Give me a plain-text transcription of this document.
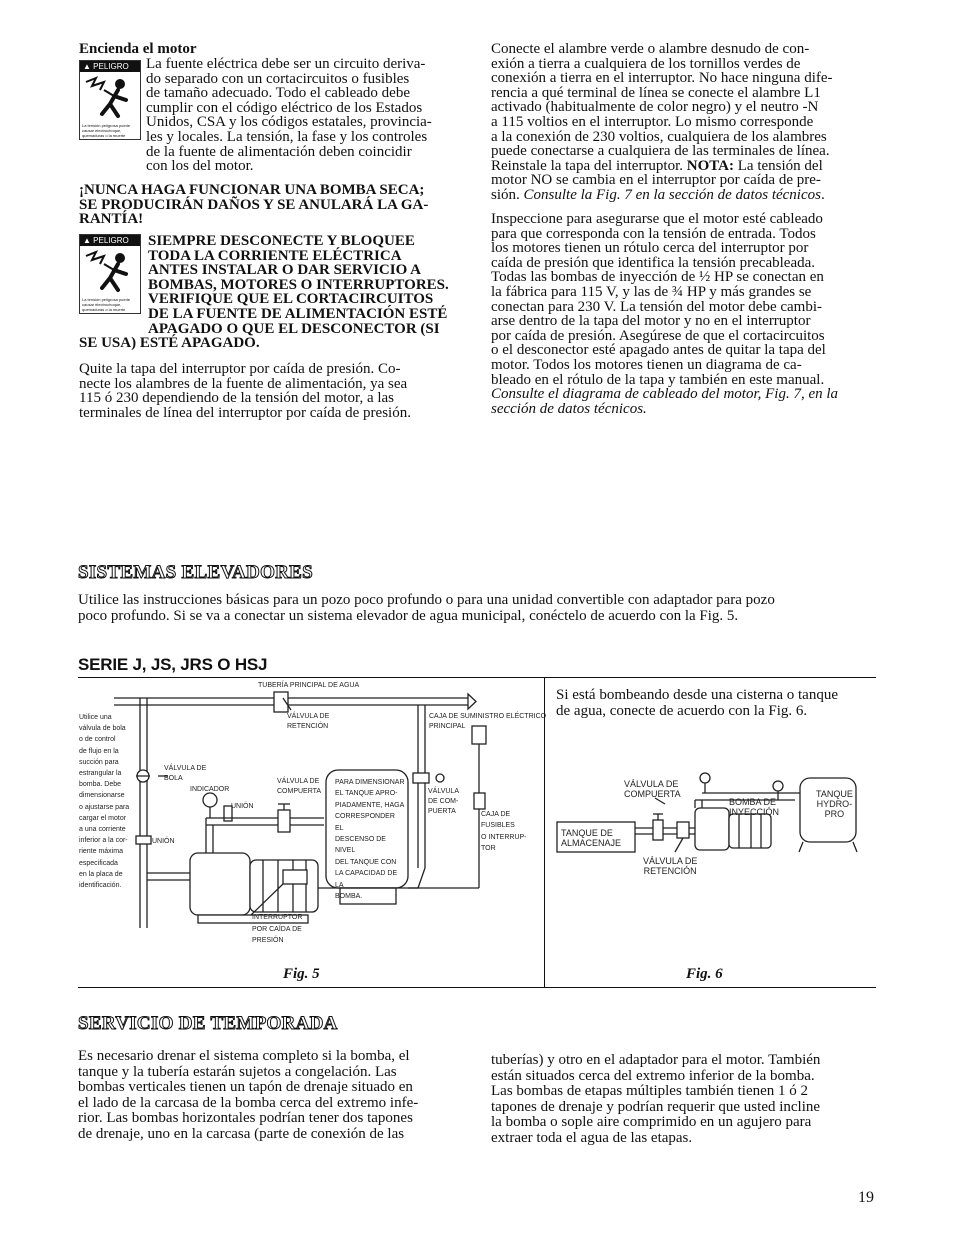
Encienda el motor
▲ PELIGRO
La tensión peligrosa puede causar electrochoque, quemaduras o la muerte
La fuente eléctrica debe ser un circuito deriva-
do separado con un cortacircuitos o fusibles
de tamaño adecuado. Todo el cableado debe
cumplir con el código eléctrico de los Estados
Unidos, CSA y los códigos estatales, provincia-
les y locales. La tensión, la fase y los controles
de la fuente de alimentación deben coincidir
con los del motor.
¡NUNCA HAGA FUNCIONAR UNA BOMBA SECA;
SE PRODUCIRÁN DAÑOS Y SE ANULARÁ LA GA-
RANTÍA!
▲ PELIGRO
La tensión peligrosa puede causar electrochoque, quemaduras o la muerte
SIEMPRE DESCONECTE Y BLOQUEE
TODA LA CORRIENTE ELÉCTRICA
ANTES INSTALAR O DAR SERVICIO A
BOMBAS, MOTORES O INTERRUPTORES.
VERIFIQUE QUE EL CORTACIRCUITOS
DE LA FUENTE DE ALIMENTACIÓN ESTÉ
APAGADO O QUE EL DESCONECTOR (SI
SE USA) ESTÉ APAGADO.
Quite la tapa del interruptor por caída de presión. Co-
necte los alambres de la fuente de alimentación, ya sea
115 ó 230 dependiendo de la tensión del motor, a las
terminales de línea del interruptor por caída de presión.
Conecte el alambre verde o alambre desnudo de con-
exión a tierra a cualquiera de los tornillos verdes de
conexión a tierra en el interruptor. No hace ninguna dife-
rencia a qué terminal de línea se conecte el alambre L1
activado (habitualmente de color negro) y el neutro -N
a 115 voltios en el interruptor. Lo mismo corresponde
a la conexión de 230 voltios, cualquiera de los alambres
puede conectarse a cualquiera de las terminales de línea.
Reinstale la tapa del interruptor. NOTA: La tensión del
motor NO se cambia en el interruptor por caída de pre-
sión. Consulte la Fig. 7 en la sección de datos técnicos.
Inspeccione para asegurarse que el motor esté cableado
para que corresponda con la tensión de entrada. Todos
los motores tienen un rótulo cerca del interruptor por
caída de presión que identifica la tensión precableada.
Todas las bombas de inyección de ½ HP se conectan en
la fábrica para 115 V, y las de ¾ HP y más grandes se
conectan para 230 V. La tensión del motor debe cambi-
arse dentro de la tapa del motor y no en el interruptor
por caída de presión. Asegúrese de que el cortacircuitos
o el desconector esté apagado antes de quitar la tapa del
motor. Todos los motores tienen un diagrama de ca-
bleado en el rótulo de la tapa y también en este manual.
Consulte el diagrama de cableado del motor, Fig. 7, en la
sección de datos técnicos.
SISTEMAS ELEVADORES
Utilice las instrucciones básicas para un pozo poco profundo o para una unidad convertible con adaptador para pozo
poco profundo. Si se va a conectar un sistema elevador de agua municipal, conéctelo de acuerdo con la Fig. 5.
SERIE J, JS, JRS O HSJ
TUBERÍA PRINCIPAL DE AGUA
Utilice una
válvula de bola
o de control
de flujo en la
succión para
estrangular la
bomba. Debe
dimensionarse
o ajustarse para
cargar el motor
a una corriente
inferior a la cor-
riente máxima
especificada
en la placa de
identificación.
VÁLVULA DE
RETENCIÓN
CAJA DE SUMINISTRO ELÉCTRICO
PRINCIPAL
VÁLVULA DE
BOLA
INDICADOR
UNIÓN
UNIÓN
VÁLVULA DE
COMPUERTA
PARA DIMENSIONAR
EL TANQUE APRO-
PIADAMENTE, HAGA
CORRESPONDER EL
DESCENSO DE NIVEL
DEL TANQUE CON
LA CAPACIDAD DE LA
BOMBA.
VÁLVULA
DE COM-
PUERTA	CAJA DE
FUSIBLES
O INTERRUP-
TOR
INTERRUPTOR
POR CAÍDA DE
PRESIÓN
Fig. 5
Si está bombeando desde una cisterna o tanque
de agua, conecte de acuerdo con la Fig. 6.
VÁLVULA DE
COMPUERTA
BOMBA DE
INYECCIÓN
TANQUE
HYDRO-
PRO
TANQUE DE
ALMACENAJE
VÁLVULA DE
RETENCIÓN
Fig. 6
SERVICIO DE TEMPORADA
Es necesario drenar el sistema completo si la bomba, el
tanque y la tubería estarán sujetos a congelación. Las
bombas verticales tienen un tapón de drenaje situado en
el lado de la carcasa de la bomba cerca del extremo infe-
rior. Las bombas horizontales podrían tener dos tapones
de drenaje, uno en la carcasa (parte de conexión de las
tuberías) y otro en el adaptador para el motor. También
están situados cerca del extremo inferior de la bomba.
Las bombas de etapas múltiples también tienen 1 ó 2
tapones de drenaje y podrían requerir que usted incline
la bomba o sople aire comprimido en un agujero para
extraer toda el agua de las etapas.
19
